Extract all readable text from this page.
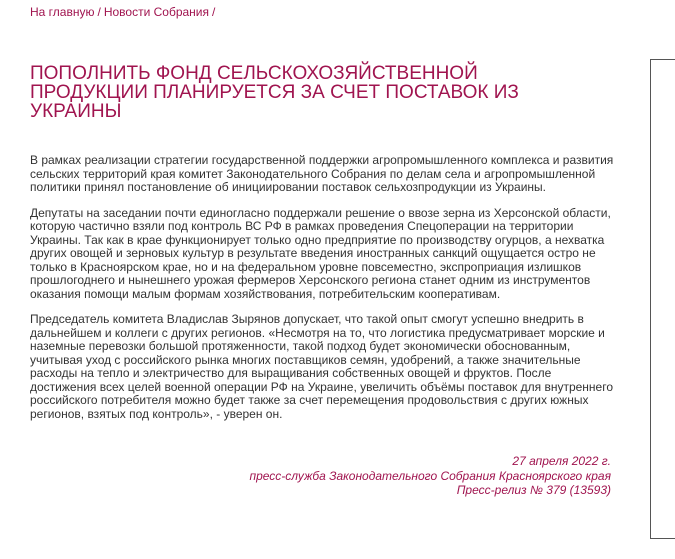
На главную / Новости Собрания /
ПОПОЛНИТЬ ФОНД СЕЛЬСКОХОЗЯЙСТВЕННОЙ ПРОДУКЦИИ ПЛАНИРУЕТСЯ ЗА СЧЕТ ПОСТАВОК ИЗ УКРАИНЫ

В рамках реализации стратегии государственной поддержки агропромышленного комплекса и развития сельских территорий края комитет Законодательного Собрания по делам села и агропромышленной политики принял постановление об инициировании поставок сельхозпродукции из Украины.

Депутаты на заседании почти единогласно поддержали решение о ввозе зерна из Херсонской области, которую частично взяли под контроль ВС РФ в рамках проведения Спецоперации на территории Украины. Так как в крае функционирует только одно предприятие по производству огурцов, а нехватка других овощей и зерновых культур в результате введения иностранных санкций ощущается остро не только в Красноярском крае, но и на федеральном уровне повсеместно, экспроприация излишков прошлогоднего и нынешнего урожая фермеров Херсонского региона станет одним из инструментов оказания помощи малым формам хозяйствования, потребительским кооперативам.

Председатель комитета Владислав Зырянов допускает, что такой опыт смогут успешно внедрить в дальнейшем и коллеги с других регионов. «Несмотря на то, что логистика предусматривает морские и наземные перевозки большой протяженности, такой подход будет экономически обоснованным, учитывая уход с российского рынка многих поставщиков семян, удобрений, а также значительные расходы на тепло и электричество для выращивания собственных овощей и фруктов. После достижения всех целей военной операции РФ на Украине, увеличить объёмы поставок для внутреннего российского потребителя можно будет также за счет перемещения продовольствия с других южных регионов, взятых под контроль», - уверен он.

27 апреля 2022 г.
пресс-служба Законодательного Собрания Красноярского края
Пресс-релиз № 379 (13593)
